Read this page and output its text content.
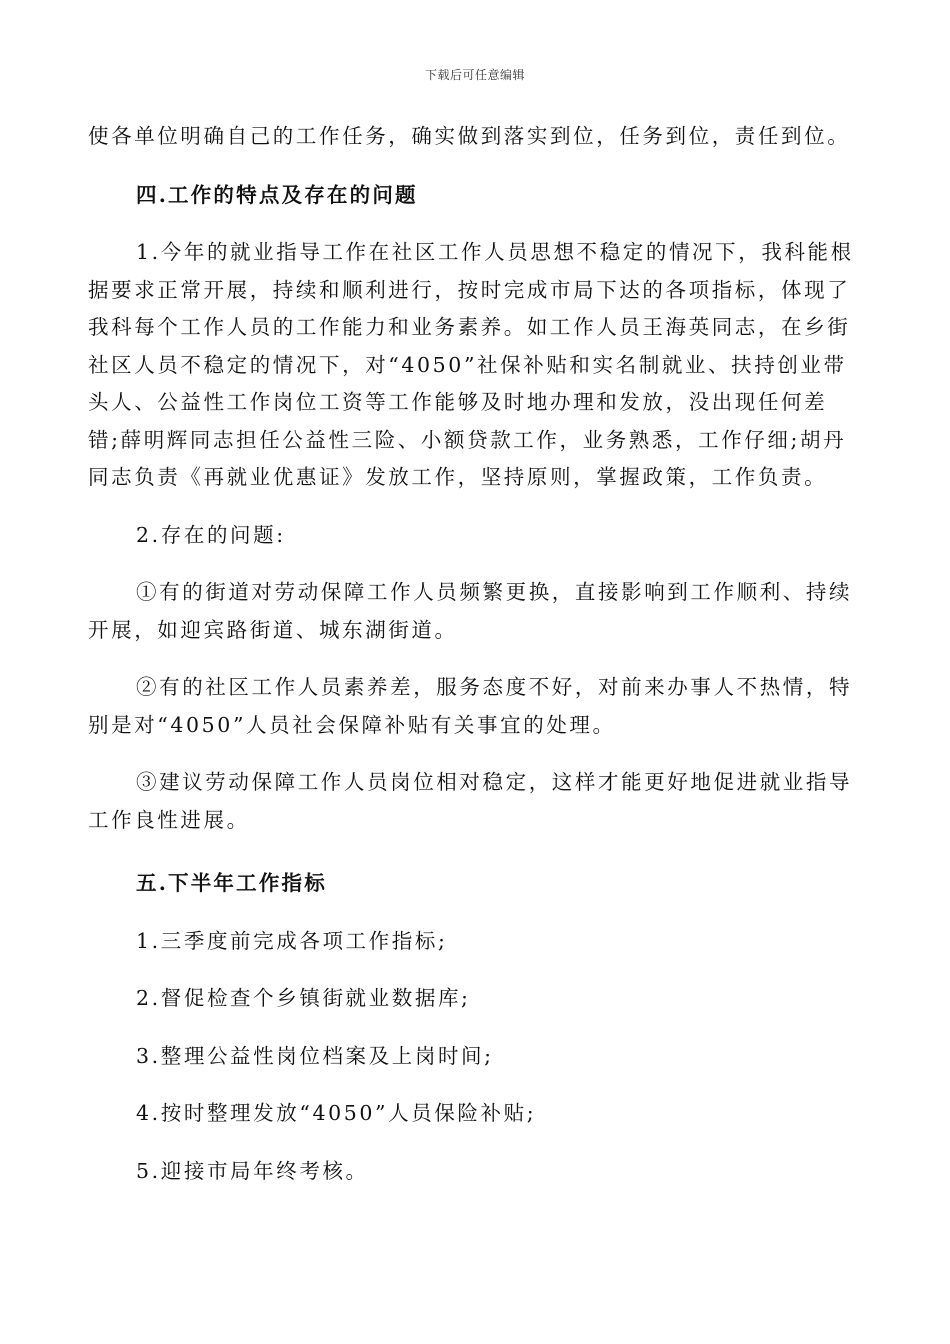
下载后可任意编辑

使各单位明确自己的工作任务，确实做到落实到位，任务到位，责任到位。

四.工作的特点及存在的问题

1.今年的就业指导工作在社区工作人员思想不稳定的情况下，我科能根据要求正常开展，持续和顺利进行，按时完成市局下达的各项指标，体现了我科每个工作人员的工作能力和业务素养。如工作人员王海英同志，在乡街社区人员不稳定的情况下，对“4050”社保补贴和实名制就业、扶持创业带头人、公益性工作岗位工资等工作能够及时地办理和发放，没出现任何差错;薛明辉同志担任公益性三险、小额贷款工作，业务熟悉，工作仔细;胡丹同志负责《再就业优惠证》发放工作，坚持原则，掌握政策，工作负责。

2.存在的问题:

①有的街道对劳动保障工作人员频繁更换，直接影响到工作顺利、持续开展，如迎宾路街道、城东湖街道。

②有的社区工作人员素养差，服务态度不好，对前来办事人不热情，特别是对“4050”人员社会保障补贴有关事宜的处理。

③建议劳动保障工作人员岗位相对稳定，这样才能更好地促进就业指导工作良性进展。

五.下半年工作指标

1.三季度前完成各项工作指标;

2.督促检查个乡镇街就业数据库;

3.整理公益性岗位档案及上岗时间;

4.按时整理发放“4050”人员保险补贴;

5.迎接市局年终考核。
